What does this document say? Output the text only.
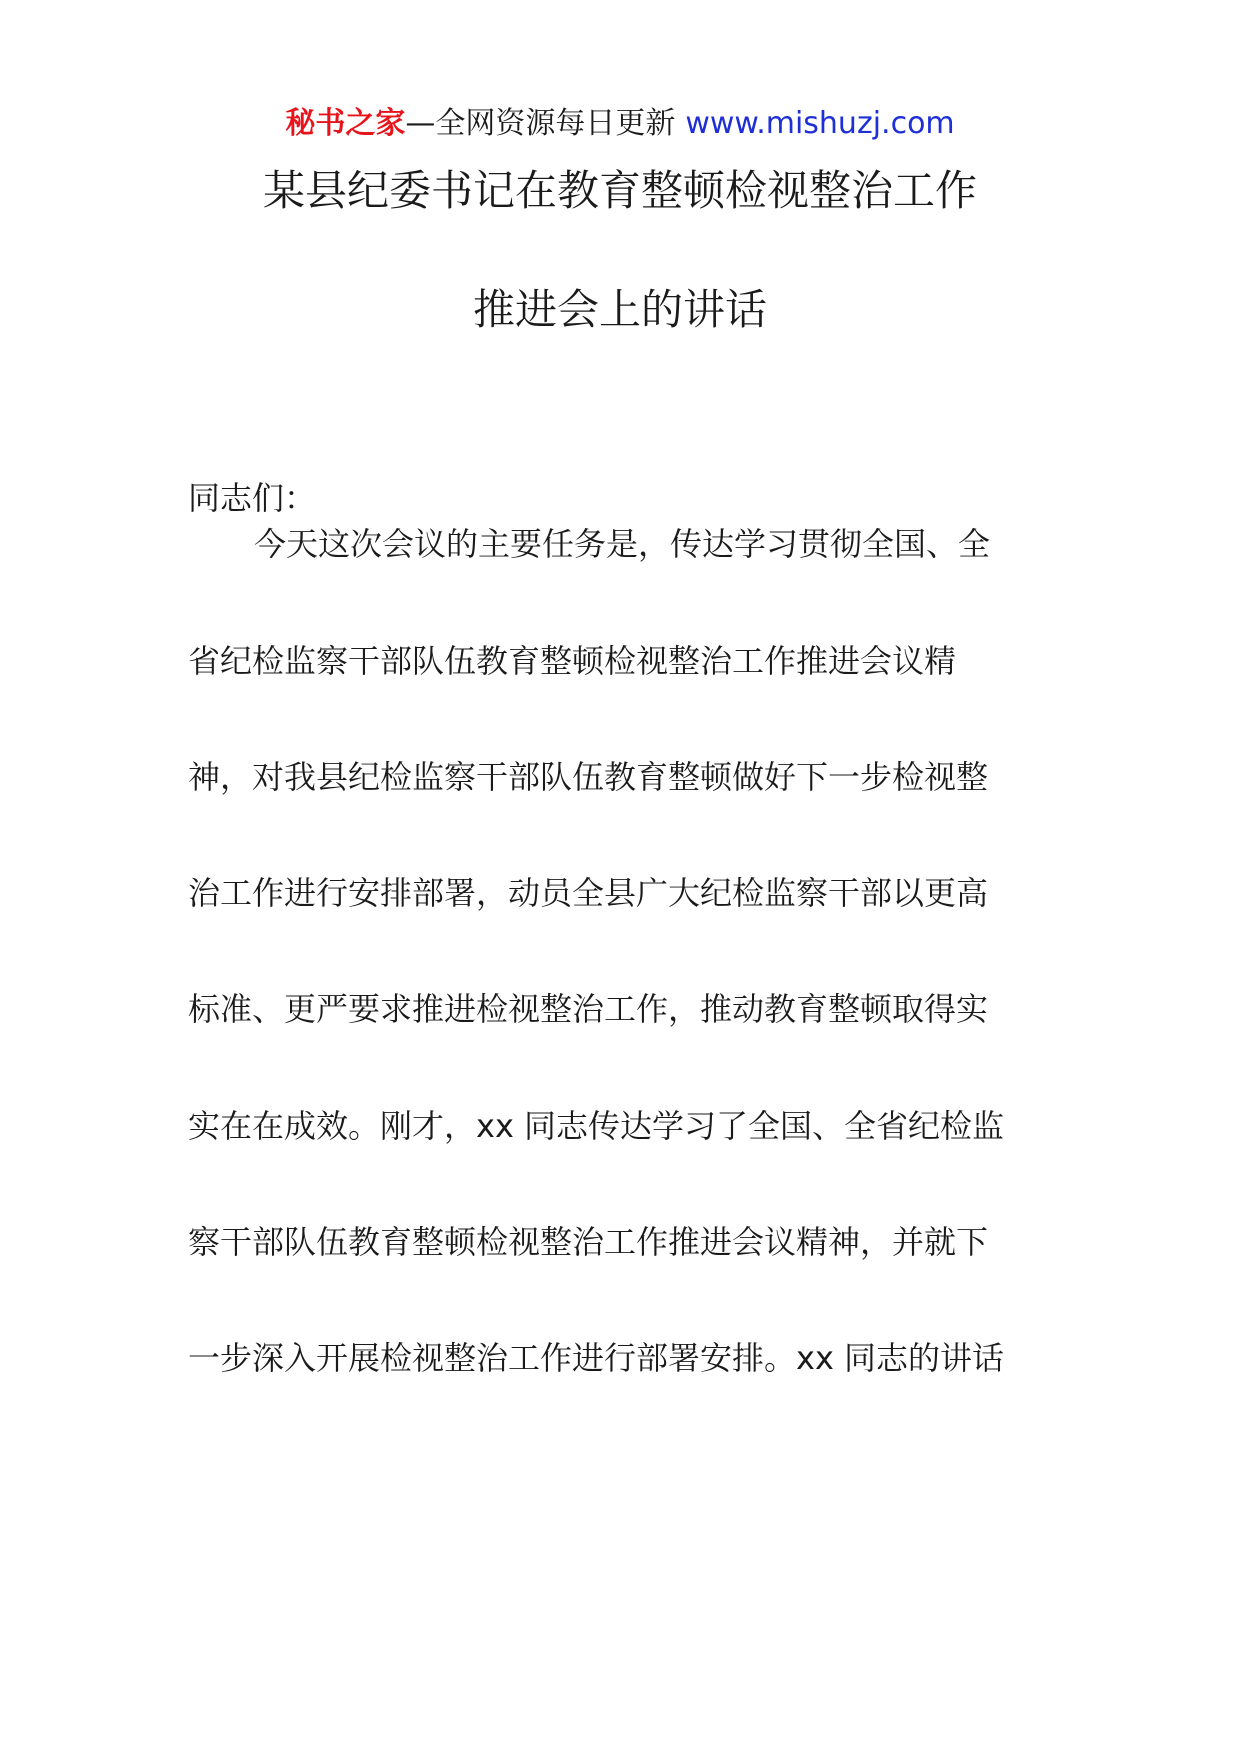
秘书之家—全网资源每日更新 www.mishuzj.com
某县纪委书记在教育整顿检视整治工作
推进会上的讲话
同志们：
今天这次会议的主要任务是，传达学习贯彻全国、全
省纪检监察干部队伍教育整顿检视整治工作推进会议精
神，对我县纪检监察干部队伍教育整顿做好下一步检视整
治工作进行安排部署，动员全县广大纪检监察干部以更高
标准、更严要求推进检视整治工作，推动教育整顿取得实
实在在成效。刚才，xx 同志传达学习了全国、全省纪检监
察干部队伍教育整顿检视整治工作推进会议精神，并就下
一步深入开展检视整治工作进行部署安排。xx 同志的讲话
